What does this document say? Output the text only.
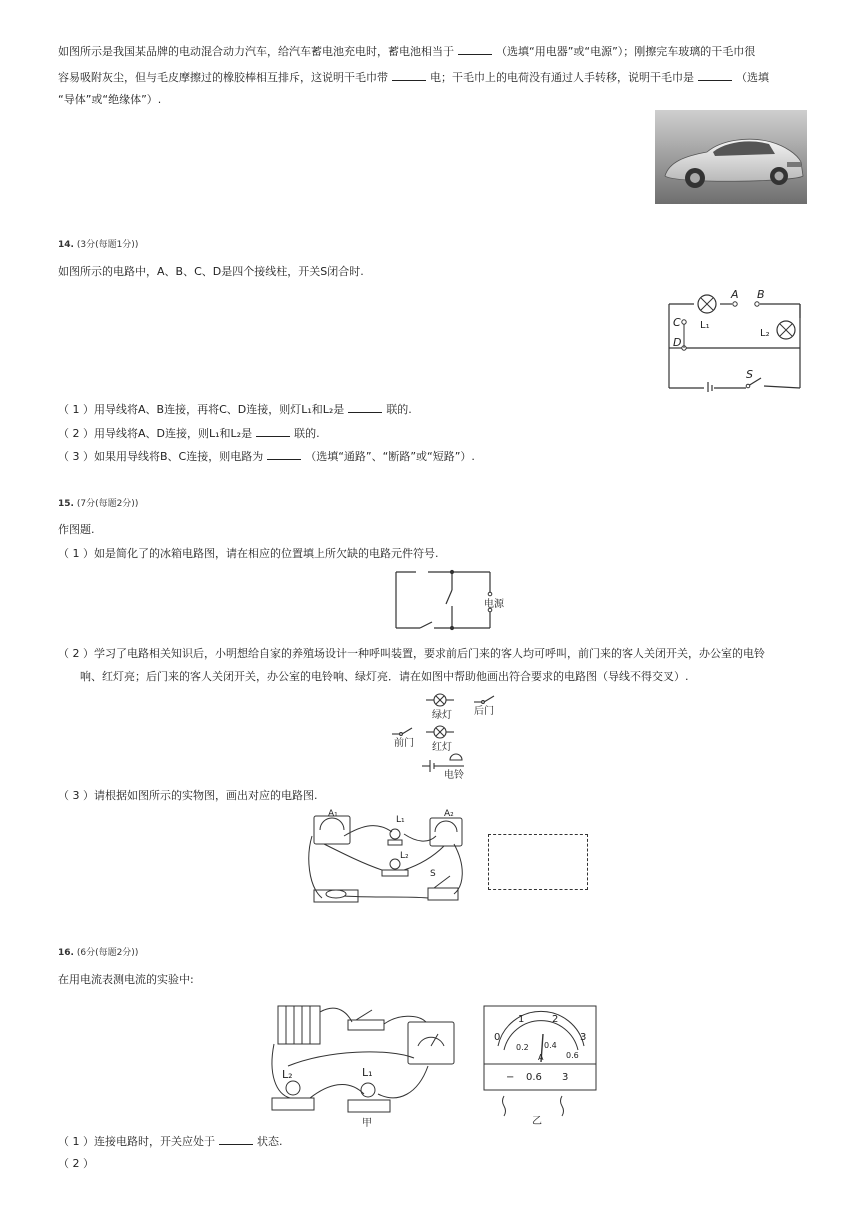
如图所示是我国某品牌的电动混合动力汽车，给汽车蓄电池充电时，蓄电池相当于	（选填“用电器”或“电源”）；刚擦完车玻璃的干毛巾很
容易吸附灰尘，但与毛皮摩擦过的橡胶棒相互排斥，这说明干毛巾带	电；干毛巾上的电荷没有通过人手转移，说明干毛巾是	（选填
“导体”或“绝缘体”）.
14. (3分(每题1分))
如图所示的电路中，A、B、C、D是四个接线柱，开关S闭合时.
A B
C
D
S
L₁
L₂
（ 1 ）用导线将A、B连接，再将C、D连接，则灯L₁和L₂是	联的.
（ 2 ）用导线将A、D连接，则L₁和L₂是	联的.
（ 3 ）如果用导线将B、C连接，则电路为	（选填“通路”、“断路”或“短路”）.
15. (7分(每题2分))
作图题.
（ 1 ）如是简化了的冰箱电路图，请在相应的位置填上所欠缺的电路元件符号.
电源
（ 2 ）学习了电路相关知识后，小明想给自家的养殖场设计一种呼叫装置，要求前后门来的客人均可呼叫，前门来的客人关闭开关，办公室的电铃
响、红灯亮；后门来的客人关闭开关，办公室的电铃响、绿灯亮．请在如图中帮助他画出符合要求的电路图（导线不得交叉）.
绿灯 后门
前门 红灯
电铃
（ 3 ）请根据如图所示的实物图，画出对应的电路图.
A₁	A₂
L₁
L₂
S
16. (6分(每题2分))
在用电流表测电流的实验中:
L₂	L₁
甲
0
1	2
3
0.2 0.4
0.6
A
− 0.6 3
乙
（ 1 ）连接电路时，开关应处于	状态.
（ 2 ）
